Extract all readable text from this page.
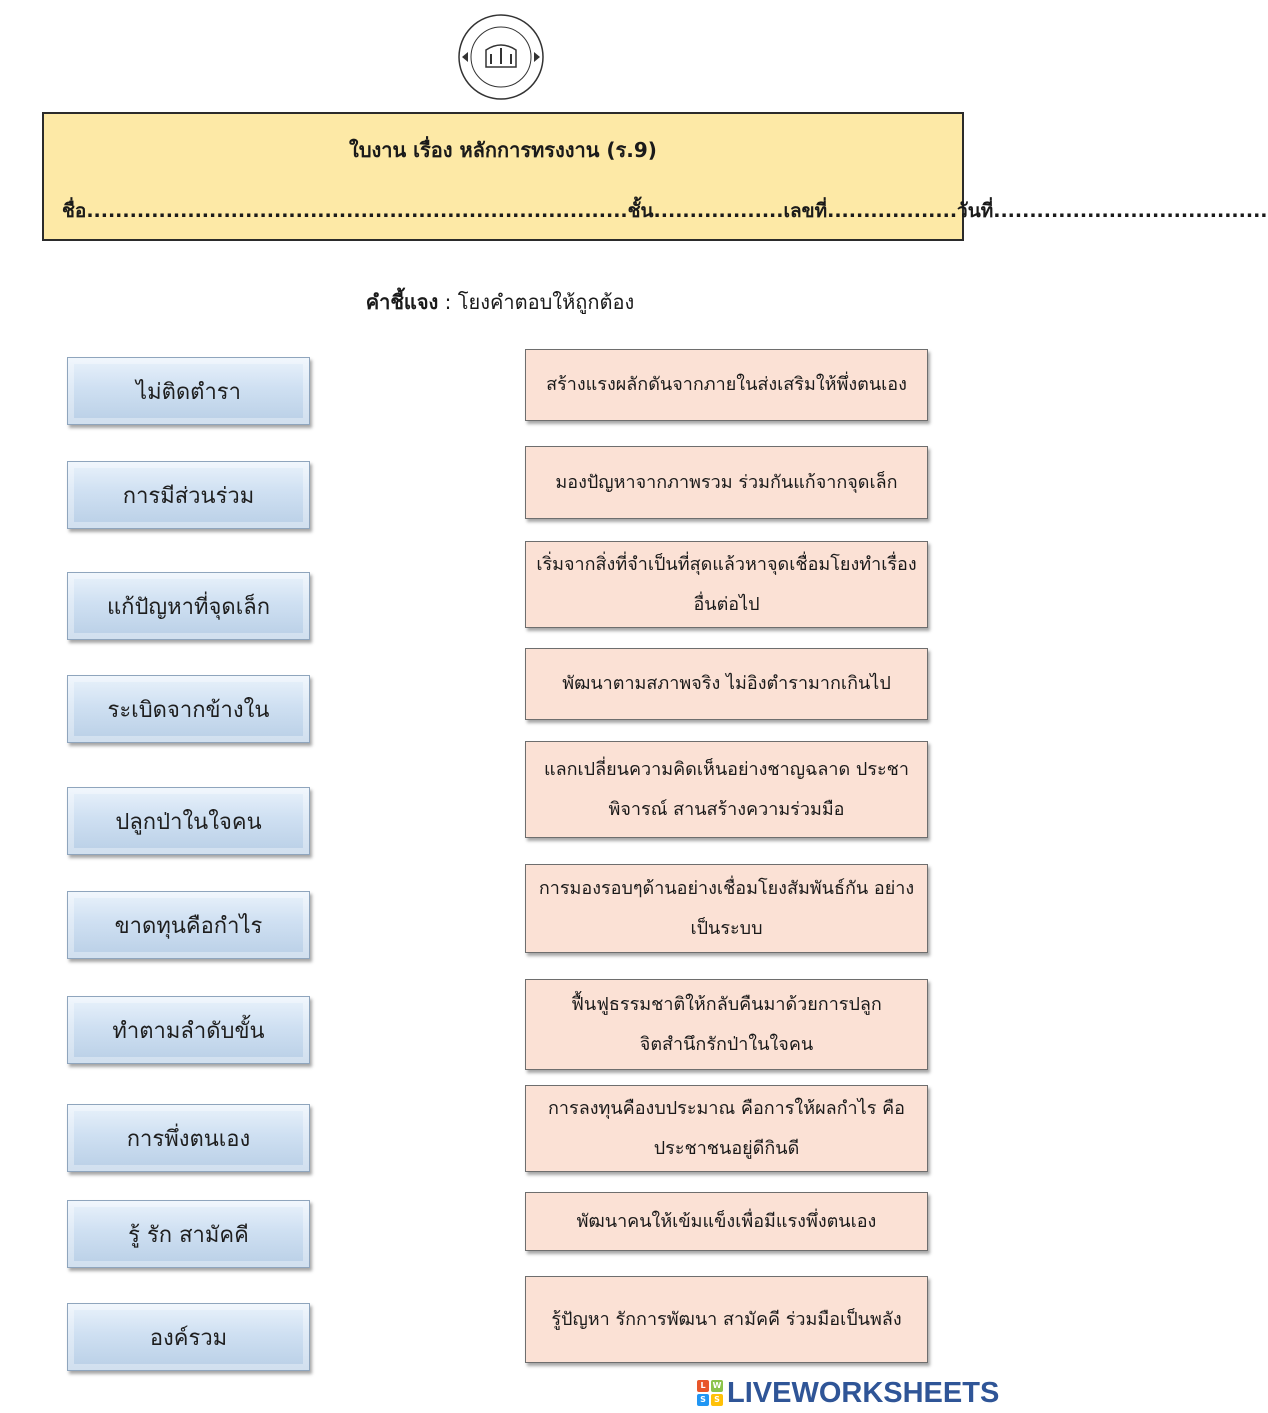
ใบงาน เรื่อง หลักการทรงงาน (ร.9)
ชื่อ ........................................................................... ชั้น .................. เลขที่ .................. วันที่ ......................................
คำชี้แจง : โยงคำตอบให้ถูกต้อง
ไม่ติดตำรา
การมีส่วนร่วม
แก้ปัญหาที่จุดเล็ก
ระเบิดจากข้างใน
ปลูกป่าในใจคน
ขาดทุนคือกำไร
ทำตามลำดับขั้น
การพึ่งตนเอง
รู้ รัก สามัคคี
องค์รวม
สร้างแรงผลักดันจากภายในส่งเสริมให้พึ่งตนเอง
มองปัญหาจากภาพรวม ร่วมกันแก้จากจุดเล็ก
เริ่มจากสิ่งที่จำเป็นที่สุดแล้วหาจุดเชื่อมโยงทำเรื่องอื่นต่อไป
พัฒนาตามสภาพจริง ไม่อิงตำรามากเกินไป
แลกเปลี่ยนความคิดเห็นอย่างชาญฉลาด ประชาพิจารณ์ สานสร้างความร่วมมือ
การมองรอบๆด้านอย่างเชื่อมโยงสัมพันธ์กัน อย่างเป็นระบบ
ฟื้นฟูธรรมชาติให้กลับคืนมาด้วยการปลูก จิตสำนึกรักป่าในใจคน
การลงทุนคืองบประมาณ คือการให้ผลกำไร คือ ประชาชนอยู่ดีกินดี
พัฒนาคนให้เข้มแข็งเพื่อมีแรงพึ่งตนเอง
รู้ปัญหา รักการพัฒนา สามัคคี ร่วมมือเป็นพลัง
L W
S	S LIVEWORKSHEETS
